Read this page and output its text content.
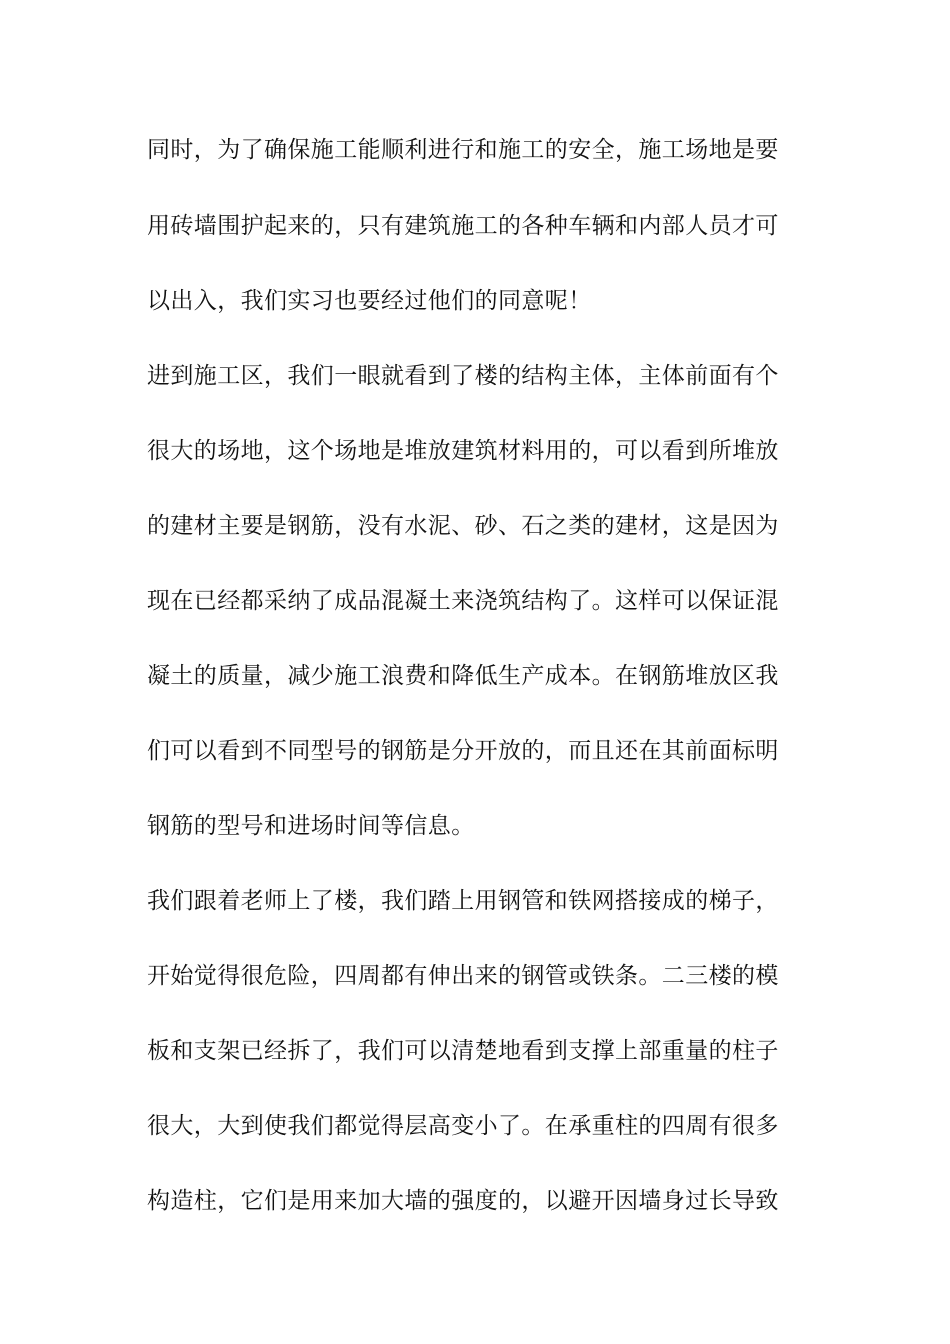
同时，为了确保施工能顺利进行和施工的安全，施工场地是要
用砖墙围护起来的，只有建筑施工的各种车辆和内部人员才可
以出入，我们实习也要经过他们的同意呢！
进到施工区，我们一眼就看到了楼的结构主体，主体前面有个
很大的场地，这个场地是堆放建筑材料用的，可以看到所堆放
的建材主要是钢筋，没有水泥、砂、石之类的建材，这是因为
现在已经都采纳了成品混凝土来浇筑结构了。这样可以保证混
凝土的质量，减少施工浪费和降低生产成本。在钢筋堆放区我
们可以看到不同型号的钢筋是分开放的，而且还在其前面标明
钢筋的型号和进场时间等信息。
我们跟着老师上了楼，我们踏上用钢管和铁网搭接成的梯子，
开始觉得很危险，四周都有伸出来的钢管或铁条。二三楼的模
板和支架已经拆了，我们可以清楚地看到支撑上部重量的柱子
很大，大到使我们都觉得层高变小了。在承重柱的四周有很多
构造柱，它们是用来加大墙的强度的，以避开因墙身过长导致
